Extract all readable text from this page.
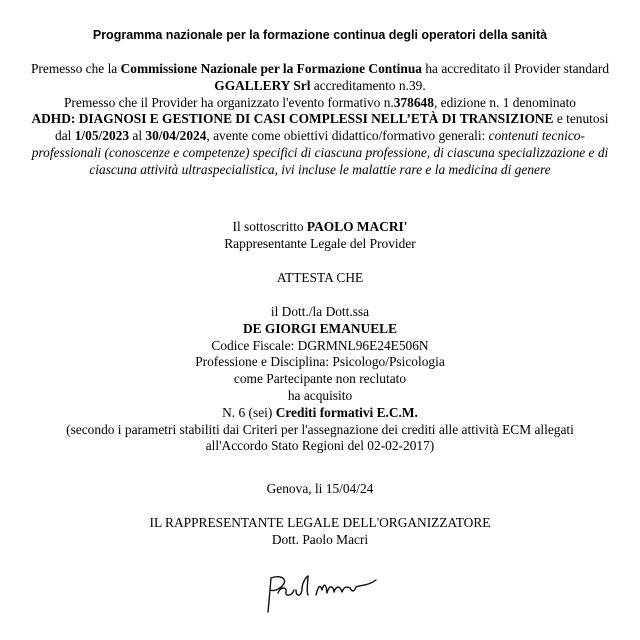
Programma nazionale per la formazione continua degli operatori della sanità
Premesso che la Commissione Nazionale per la Formazione Continua ha accreditato il Provider standard GGALLERY Srl accreditamento n.39.
Premesso che il Provider ha organizzato l'evento formativo n.378648, edizione n. 1 denominato
ADHD: DIAGNOSI E GESTIONE DI CASI COMPLESSI NELL’ETÀ DI TRANSIZIONE e tenutosi dal 1/05/2023 al 30/04/2024, avente come obiettivi didattico/formativo generali: contenuti tecnico-professionali (conoscenze e competenze) specifici di ciascuna professione, di ciascuna specializzazione e di ciascuna attività ultraspecialistica, ivi incluse le malattie rare e la medicina di genere
Il sottoscritto PAOLO MACRI'
Rappresentante Legale del Provider
ATTESTA CHE
il Dott./la Dott.ssa
DE GIORGI EMANUELE
Codice Fiscale: DGRMNL96E24E506N
Professione e Disciplina: Psicologo/Psicologia
come Partecipante non reclutato
ha acquisito
N. 6 (sei) Crediti formativi E.C.M.
(secondo i parametri stabiliti dai Criteri per l'assegnazione dei crediti alle attività ECM allegati
all'Accordo Stato Regioni del 02-02-2017)
Genova, li 15/04/24
IL RAPPRESENTANTE LEGALE DELL'ORGANIZZATORE
Dott. Paolo Macri
